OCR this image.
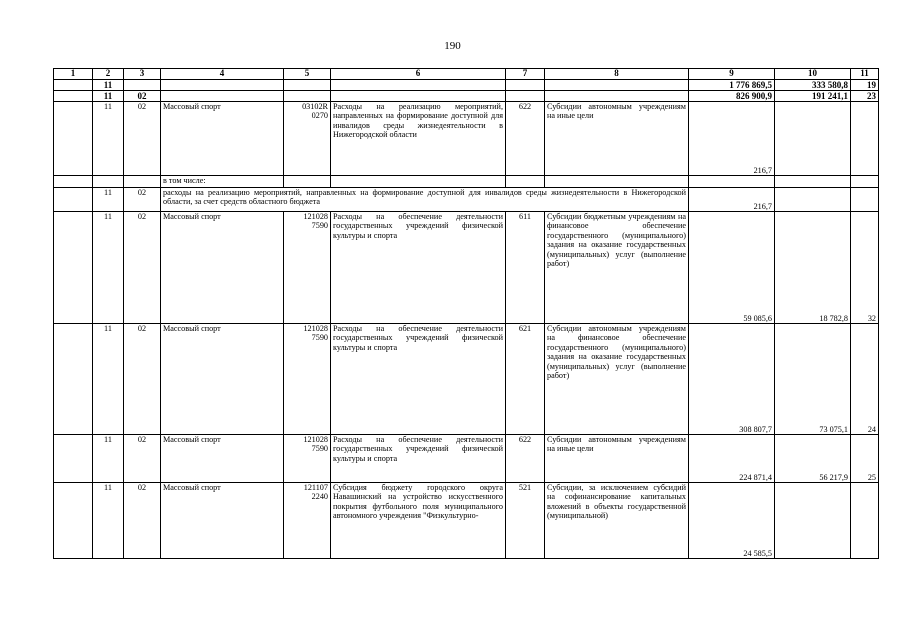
190
1	2	3	4	5	6	7	8	9	10	11
	11							1 776 869,5	333 580,8	19
	11	02						826 900,9	191 241,1	23
	11	02	Массовый спорт	03102R 0270	Расходы на реализацию мероприятий, направленных на формирование доступной для инвалидов среды жизнедеятельности в Нижегородской области	622	Субсидии автономным учреждениям на иные цели	216,7		
			в том числе:							
	11	02	расходы на реализацию мероприятий, направленных на формирование доступной для инвалидов среды жизнедеятельности в Нижегородской области, за счет средств областного бюджета					216,7		
	11	02	Массовый спорт	121028 7590	Расходы на обеспечение деятельности государственных учреждений физической культуры и спорта	611	Субсидии бюджетным учреждениям на финансовое обеспечение государственного (муниципального) задания на оказание государственных (муниципальных) услуг (выполнение работ)	59 085,6	18 782,8	32
	11	02	Массовый спорт	121028 7590	Расходы на обеспечение деятельности государственных учреждений физической культуры и спорта	621	Субсидии автономным учреждениям на финансовое обеспечение государственного (муниципального) задания на оказание государственных (муниципальных) услуг (выполнение работ)	308 807,7	73 075,1	24
	11	02	Массовый спорт	121028 7590	Расходы на обеспечение деятельности государственных учреждений физической культуры и спорта	622	Субсидии автономным учреждениям на иные цели	224 871,4	56 217,9	25
	11	02	Массовый спорт	121107 2240	Субсидия бюджету городского округа Навашинский на устройство искусственного покрытия футбольного поля муниципального автономного учреждения "Физкультурно-	521	Субсидии, за исключением субсидий на софинансирование капитальных вложений в объекты государственной (муниципальной)	24 585,5		
